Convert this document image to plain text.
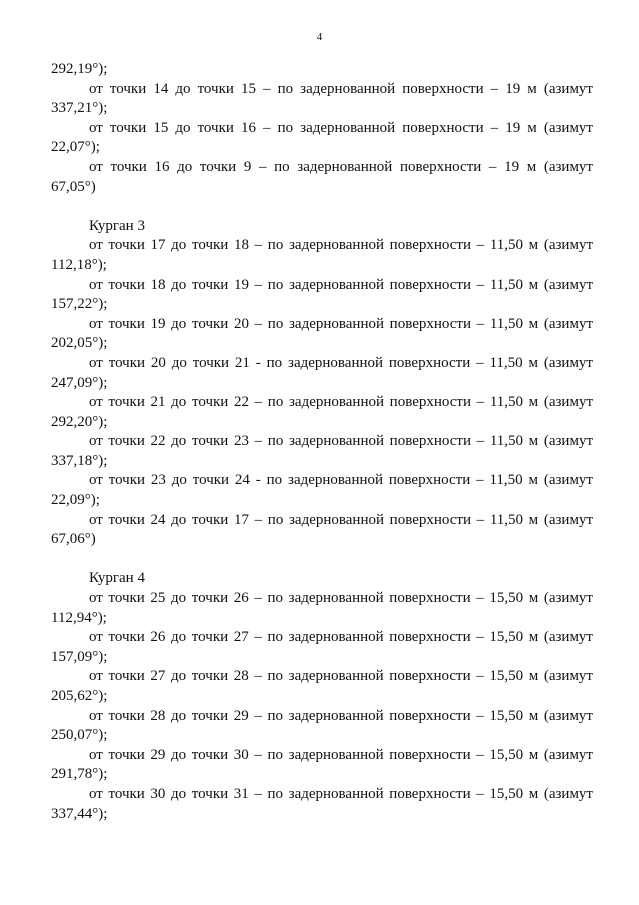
4
292,19°);
от точки 14 до точки 15 – по задернованной поверхности – 19 м (азимут
337,21°);
от точки 15 до точки 16 – по задернованной поверхности – 19 м (азимут
22,07°);
от точки 16 до точки 9 – по задернованной поверхности – 19 м (азимут
67,05°)
Курган 3
от точки 17 до точки 18 – по задернованной поверхности – 11,50 м (азимут
112,18°);
от точки 18 до точки 19 – по задернованной поверхности – 11,50 м (азимут
157,22°);
от точки 19 до точки 20 – по задернованной поверхности – 11,50 м (азимут
202,05°);
от точки 20 до точки 21 - по задернованной поверхности – 11,50 м (азимут
247,09°);
от точки 21 до точки 22 – по задернованной поверхности – 11,50 м (азимут
292,20°);
от точки 22 до точки 23 – по задернованной поверхности – 11,50 м (азимут
337,18°);
от точки 23 до точки 24 - по задернованной поверхности – 11,50 м (азимут
22,09°);
от точки 24 до точки 17 – по задернованной поверхности – 11,50 м (азимут
67,06°)
Курган 4
от точки 25 до точки 26 – по задернованной поверхности – 15,50 м (азимут
112,94°);
от точки 26 до точки 27 – по задернованной поверхности – 15,50 м (азимут
157,09°);
от точки 27 до точки 28 – по задернованной поверхности – 15,50 м (азимут
205,62°);
от точки 28 до точки 29 – по задернованной поверхности – 15,50 м (азимут
250,07°);
от точки 29 до точки 30 – по задернованной поверхности – 15,50 м (азимут
291,78°);
от точки 30 до точки 31 – по задернованной поверхности – 15,50 м (азимут
337,44°);
